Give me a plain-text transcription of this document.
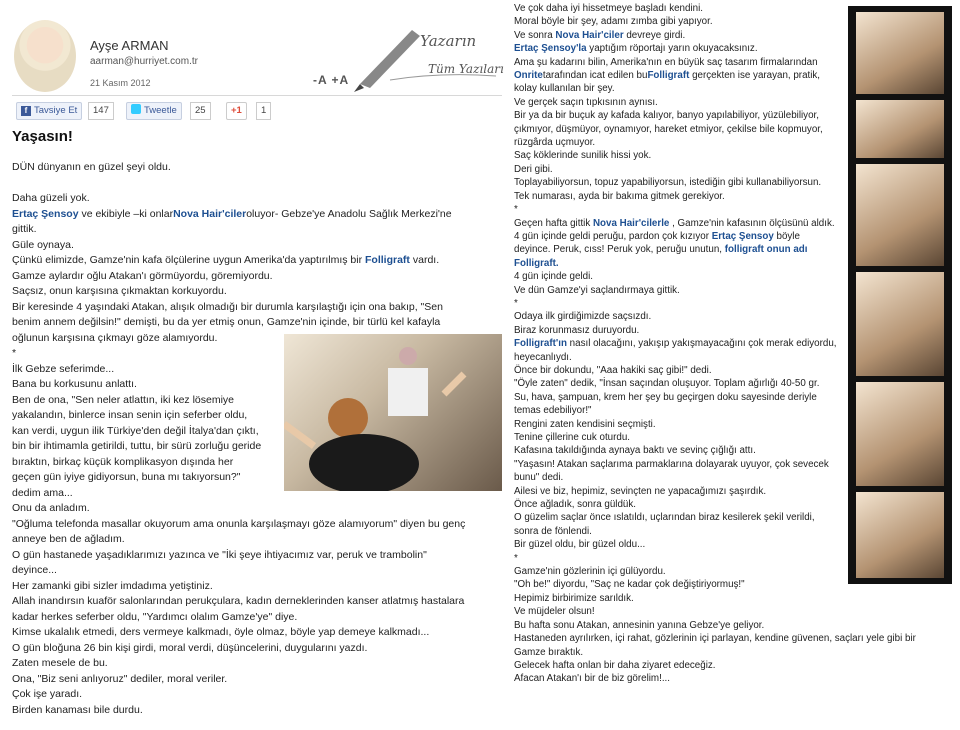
Ayşe ARMAN
aarman@hurriyet.com.tr
21 Kasım 2012
Yazarın
Tüm Yazıları
-A +A
f Tavsiye Et	147	Tweetle	25	+1	1
Yaşasın!
DÜN dünyanın en güzel şeyi oldu.

Daha güzeli yok.
Ertaç Şensoy ve ekibiyle –ki onlarNova Hair'cileroluyor- Gebze'ye Anadolu Sağlık Merkezi'ne
gittik.
Güle oynaya.
Çünkü elimizde, Gamze'nin kafa ölçülerine uygun Amerika'da yaptırılmış bir Folligraft vardı.
Gamze aylardır oğlu Atakan'ı görmüyordu, göremiyordu.
Saçsız, onun karşısına çıkmaktan korkuyordu.
Bir keresinde 4 yaşındaki Atakan, alışık olmadığı bir durumla karşılaştığı için ona bakıp, "Sen
benim annem değilsin!" demişti, bu da yer etmiş onun, Gamze'nin içinde, bir türlü kel kafayla
oğlunun karşısına çıkmayı göze alamıyordu.
*
İlk Gebze seferimde...
Bana bu korkusunu anlattı.
Ben de ona, "Sen neler atlattın, iki kez lösemiye
yakalandın, binlerce insan senin için seferber oldu,
kan verdi, uygun ilik Türkiye'den değil İtalya'dan çıktı,
bin bir ihtimamla getirildi, tuttu, bir sürü zorluğu geride
bıraktın, birkaç küçük komplikasyon dışında her
geçen gün iyiye gidiyorsun, buna mı takıyorsun?"
dedim ama...
Onu da anladım.
"Oğluma telefonda masallar okuyorum ama onunla karşılaşmayı göze alamıyorum" diyen bu genç
anneye ben de ağladım.
O gün hastanede yaşadıklarımızı yazınca ve "İki şeye ihtiyacımız var, peruk ve trambolin"
deyince...
Her zamanki gibi sizler imdadıma yetiştiniz.
Allah inandırsın kuaför salonlarından perukçulara, kadın derneklerinden kanser atlatmış hastalara
kadar herkes seferber oldu, "Yardımcı olalım Gamze'ye" diye.
Kimse ukalalık etmedi, ders vermeye kalkmadı, öyle olmaz, böyle yap demeye kalkmadı...
O gün bloğuna 26 bin kişi girdi, moral verdi, düşüncelerini, duygularını yazdı.
Zaten mesele de bu.
Ona, "Biz seni anlıyoruz" dediler, moral veriler.
Çok işe yaradı.
Birden kanaması bile durdu.
Ve çok daha iyi hissetmeye başladı kendini.
Moral böyle bir şey, adamı zımba gibi yapıyor.
Ve sonra Nova Hair'ciler devreye girdi.
Ertaç Şensoy'la yaptığım röportajı yarın okuyacaksınız.
Ama şu kadarını bilin, Amerika'nın en büyük saç tasarım firmalarından
Onritetarafından icat edilen buFolligraft gerçekten ise yarayan, pratik,
kolay kullanılan bir şey.
Ve gerçek saçın tıpkısının aynısı.
Bir ya da bir buçuk ay kafada kalıyor, banyo yapılabiliyor, yüzülebiliyor,
çıkmıyor, düşmüyor, oynamıyor, hareket etmiyor, çekilse bile kopmuyor,
rüzgârda uçmuyor.
Saç köklerinde sunilik hissi yok.
Deri gibi.
Toplayabiliyorsun, topuz yapabiliyorsun, istediğin gibi kullanabiliyorsun.
Tek numarası, ayda bir bakıma gitmek gerekiyor.
*
Geçen hafta gittik Nova Hair'cilerle , Gamze'nin kafasının ölçüsünü aldık.
4 gün içinde geldi peruğu, pardon çok kızıyor Ertaç Şensoy böyle
deyince. Peruk, cıss! Peruk yok, peruğu unutun, folligraft onun adı
Folligraft.
4 gün içinde geldi.
Ve dün Gamze'yi saçlandırmaya gittik.
*
Odaya ilk girdiğimizde saçsızdı.
Biraz korunmasız duruyordu.
Folligraft'ın nasıl olacağını, yakışıp yakışmayacağını çok merak ediyordu,
heyecanlıydı.
Önce bir dokundu, "Aaa hakiki saç gibi!" dedi.
"Öyle zaten" dedik, "İnsan saçından oluşuyor. Toplam ağırlığı 40-50 gr.
Su, hava, şampuan, krem her şey bu geçirgen doku sayesinde deriyle
temas edebiliyor!"
Rengini zaten kendisini seçmişti.
Tenine çillerine cuk oturdu.
Kafasına takıldığında aynaya baktı ve sevinç çığlığı attı.
"Yaşasın! Atakan saçlarıma parmaklarına dolayarak uyuyor, çok sevecek
bunu" dedi.
Ailesi ve biz, hepimiz, sevinçten ne yapacağımızı şaşırdık.
Önce ağladık, sonra güldük.
O güzelim saçlar önce ıslatıldı, uçlarından biraz kesilerek şekil verildi,
sonra de fönlendi.
Bir güzel oldu, bir güzel oldu...
*
Gamze'nin gözlerinin içi gülüyordu.
"Oh be!" diyordu, "Saç ne kadar çok değiştiriyormuş!"
Hepimiz birbirimize sarıldık.
Ve müjdeler olsun!
Bu hafta sonu Atakan, annesinin yanına Gebze'ye geliyor.
Hastaneden ayrılırken, içi rahat, gözlerinin içi parlayan, kendine güvenen, saçları yele gibi bir
Gamze bıraktık.
Gelecek hafta onlan bir daha ziyaret edeceğiz.
Afacan Atakan'ı bir de biz görelim!...
